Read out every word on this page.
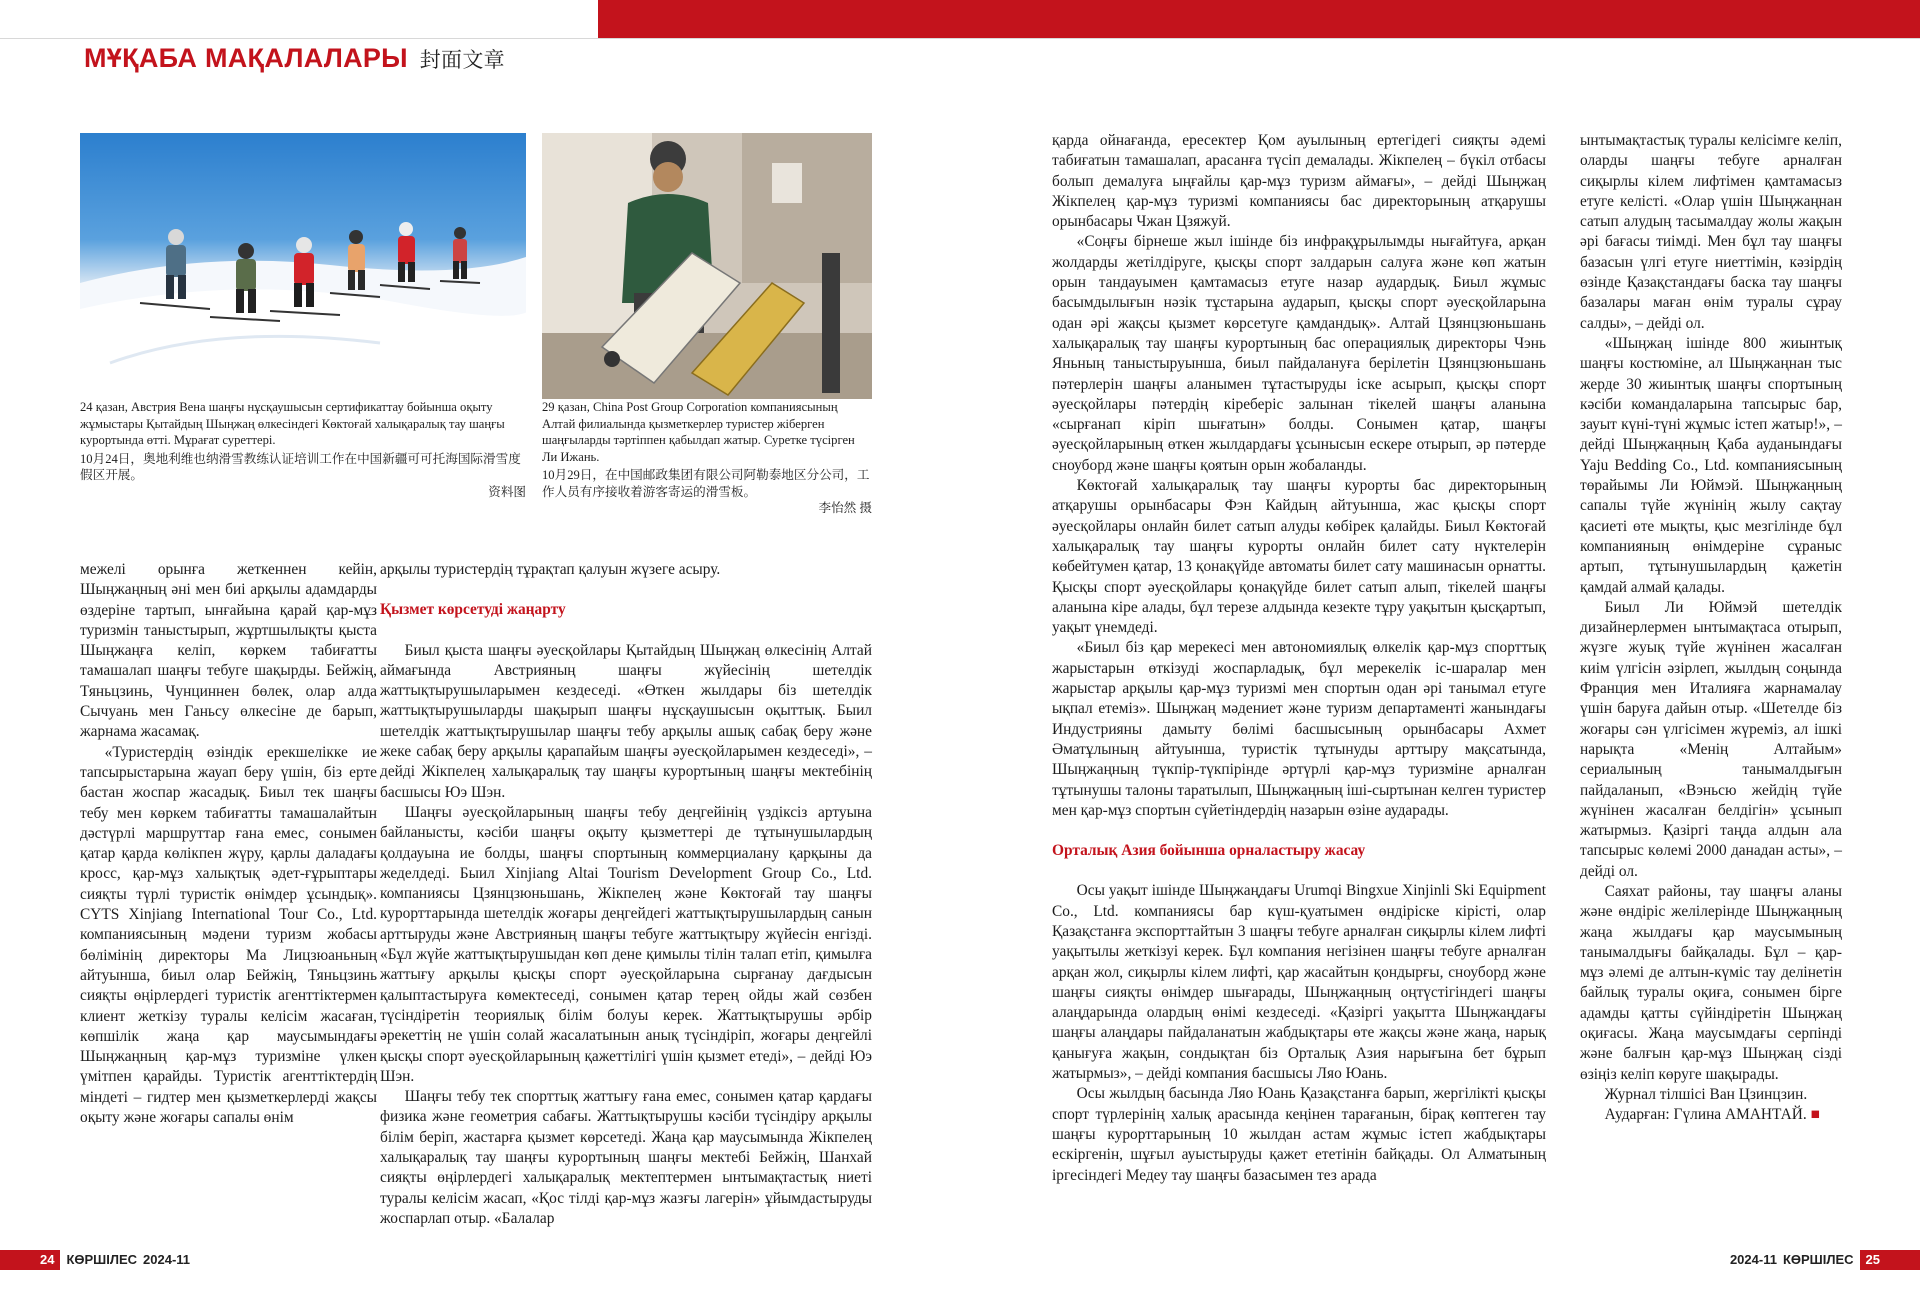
МҰҚАБА МАҚАЛАЛАРЫ 封面文章

24 қазан, Австрия Вена шаңғы нұсқаушысын сертификаттау бойынша оқыту жұмыстары Қытайдың Шыңжаң өлкесіндегі Көктоғай халықаралық тау шаңғы курортында өтті. Мұрағат суреттері.

10月24日，奥地利维也纳滑雪教练认证培训工作在中国新疆可可托海国际滑雪度假区开展。

资料图

29 қазан, China Post Group Corporation компаниясының Алтай филиалында қызметкерлер туристер жіберген шаңғыларды тәртіппен қабылдап жатыр. Суретке түсірген Ли Ижань.

10月29日，在中国邮政集团有限公司阿勒泰地区分公司，工作人员有序接收着游客寄运的滑雪板。

李怡然 摄

межелі орынға жеткеннен кейін, Шыңжаңның әні мен биі арқылы адамдарды өздеріне тартып, ынғайына қарай қар-мұз туризмін таныстырып, жұртшылықты қыста Шыңжаңға келіп, көркем табиғатты тамашалап шаңғы тебуге шақырды. Бейжің, Тяньцзинь, Чунциннен бөлек, олар алда Сычуань мен Ганьсу өлкесіне де барып, жарнама жасамақ.

«Туристердің өзіндік ерекшелікке ие тапсырыстарына жауап беру үшін, біз ерте бастан жоспар жасадық. Биыл тек шаңғы тебу мен көркем табиғатты тамашалайтын дәстүрлі маршруттар ғана емес, сонымен қатар қарда көлікпен жүру, қарлы даладағы кросс, қар-мұз халықтық әдет-ғұрыптары сияқты түрлі туристік өнімдер ұсындық». CYTS Xinjiang International Tour Co., Ltd. компаниясының мәдени туризм жобасы бөлімінің директоры Ма Лицзюаньның айтуынша, биыл олар Бейжің, Тяньцзинь сияқты өңірлердегі туристік агенттіктермен клиент жеткізу туралы келісім жасаған, көпшілік жаңа қар маусымындағы Шыңжаңның қар-мұз туризміне үлкен үмітпен қарайды. Туристік агенттіктердің міндеті – гидтер мен қызметкерлерді жақсы оқыту және жоғары сапалы өнім

арқылы туристердің тұрақтап қалуын жүзеге асыру.

Қызмет көрсетуді жаңарту

Биыл қыста шаңғы әуесқойлары Қытайдың Шыңжаң өлкесінің Алтай аймағында Австрияның шаңғы жүйесінің шетелдік жаттықтырушыларымен кездеседі. «Өткен жылдары біз шетелдік жаттықтырушыларды шақырып шаңғы нұсқаушысын оқыттық. Быил шетелдік жаттықтырушылар шаңғы тебу арқылы ашық сабақ беру және жеке сабақ беру арқылы қарапайым шаңғы әуесқойларымен кездеседі», – дейді Жікпелең халықаралық тау шаңғы курортының шаңғы мектебінің басшысы Юэ Шэн.

Шаңғы әуесқойларының шаңғы тебу деңгейінің үздіксіз артуына байланысты, кәсіби шаңғы оқыту қызметтері де тұтынушылардың қолдауына ие болды, шаңғы спортының коммерциалану қарқыны да жеделдеді. Быил Xinjiang Altai Tourism Development Group Co., Ltd. компаниясы Цзянцзюньшань, Жікпелең және Көктоғай тау шаңғы курорттарында шетелдік жоғары деңгейдегі жаттықтырушылардың санын арттыруды және Австрияның шаңғы тебуге жаттықтыру жүйесін енгізді. «Бұл жүйе жаттықтырушыдан көп дене қимылы тілін талап етіп, қимылға жаттығу арқылы қысқы спорт әуесқойларына сырғанау дағдысын қалыптастыруға көмектеседі, сонымен қатар терең ойды жай сөзбен түсіндіретін теориялық білім болуы керек. Жаттықтырушы әрбір әрекеттің не үшін солай жасалатынын анық түсіндіріп, жоғары деңгейлі қысқы спорт әуесқойларының қажеттілігі үшін қызмет етеді», – дейді Юэ Шэн.

Шаңғы тебу тек спорттық жаттығу ғана емес, сонымен қатар қардағы физика және геометрия сабағы. Жаттықтырушы кәсіби түсіндіру арқылы білім беріп, жастарға қызмет көрсетеді. Жаңа қар маусымында Жікпелең халықаралық тау шаңғы курортының шаңғы мектебі Бейжің, Шанхай сияқты өңірлердегі халықаралық мектептермен ынтымақтастық ниеті туралы келісім жасап, «Қос тілді қар-мұз жазғы лагерін» ұйымдастыруды жоспарлап отыр. «Балалар

қарда ойнағанда, ересектер Қом ауылының ертегідегі сияқты әдемі табиғатын тамашалап, арасанға түсіп демалады. Жікпелең – бүкіл отбасы болып демалуға ыңғайлы қар-мұз туризм аймағы», – дейді Шыңжаң Жікпелең қар-мұз туризмі компаниясы бас директорының атқарушы орынбасары Чжан Цзяжуй.

«Соңғы бірнеше жыл ішінде біз инфрақұрылымды нығайтуға, арқан жолдарды жетілдіруге, қысқы спорт залдарын салуға және көп жатын орын тандауымен қамтамасыз етуге назар аудардық. Биыл жұмыс басымдылығын нәзік тұстарына аударып, қысқы спорт әуесқойларына одан әрі жақсы қызмет көрсетуге қамдандық». Алтай Цзянцзюньшань халықаралық тау шаңғы курортының бас операциялық директоры Чэнь Яньның таныстыруынша, биыл пайдалануға берілетін Цзянцзюньшань пәтерлерін шаңғы аланымен тұтастыруды іске асырып, қысқы спорт әуесқойлары пәтердің кіреберіс залынан тікелей шаңғы аланына «сырғанап кіріп шығатын» болды. Сонымен қатар, шаңғы әуесқойларының өткен жылдардағы ұсынысын ескере отырып, әр пәтерде сноуборд және шаңғы қоятын орын жобаланды.

Көктоғай халықаралық тау шаңғы курорты бас директорының атқарушы орынбасары Фэн Кайдың айтуынша, жас қысқы спорт әуесқойлары онлайн билет сатып алуды көбірек қалайды. Биыл Көктоғай халықаралық тау шаңғы курорты онлайн билет сату нүктелерін көбейтумен қатар, 13 қонақүйде автоматы билет сату машинасын орнатты. Қысқы спорт әуесқойлары қонақүйде билет сатып алып, тікелей шаңғы аланына кіре алады, бұл терезе алдында кезекте тұру уақытын қысқартып, уақыт үнемдеді.

«Биыл біз қар мерекесі мен автономиялық өлкелік қар-мұз спорттық жарыстарын өткізуді жоспарладық, бұл мерекелік іс-шаралар мен жарыстар арқылы қар-мұз туризмі мен спортын одан әрі танымал етуге ықпал етеміз». Шыңжаң мәдениет және туризм департаменті жанындағы Индустрияны дамыту бөлімі басшысының орынбасары Ахмет Әматұлының айтуынша, туристік тұтынуды арттыру мақсатында, Шыңжаңның түкпір-түкпірінде әртүрлі қар-мұз туризміне арналған тұтынушы талоны таратылып, Шыңжаңның іші-сыртынан келген туристер мен қар-мұз спортын сүйетіндердің назарын өзіне аударады.

Орталық Азия бойынша орналастыру жасау

Осы уақыт ішінде Шыңжаңдағы Urumqi Bingxue Xinjinli Ski Equipment Co., Ltd. компаниясы бар күш-қуатымен өндіріске кірісті, олар Қазақстанға экспорттайтын 3 шаңғы тебуге арналған сиқырлы кілем лифті уақытылы жеткізуі керек. Бұл компания негізінен шаңғы тебуге арналған арқан жол, сиқырлы кілем лифті, қар жасайтын қондырғы, сноуборд және шаңғы сияқты өнімдер шығарады, Шыңжаңның оңтүстігіндегі шаңғы алаңдарында олардың өнімі кездеседі. «Қазіргі уақытта Шыңжаңдағы шаңғы алаңдары пайдаланатын жабдықтары өте жақсы және жаңа, нарық қанығуға жақын, сондықтан біз Орталық Азия нарығына бет бұрып жатырмыз», – дейді компания басшысы Ляо Юань.

Осы жылдың басында Ляо Юань Қазақстанға барып, жергілікті қысқы спорт түрлерінің халық арасында кеңінен тарағанын, бірақ көптеген тау шаңғы курорттарының 10 жылдан астам жұмыс істеп жабдықтары ескіргенін, шұғыл ауыстыруды қажет ететінін байқады. Ол Алматының іргесіндегі Медеу тау шаңғы базасымен тез арада

ынтымақтастық туралы келісімге келіп, оларды шаңғы тебуге арналған сиқырлы кілем лифтімен қамтамасыз етуге келісті. «Олар үшін Шыңжаңнан сатып алудың тасымалдау жолы жақын әрі бағасы тиімді. Мен бұл тау шаңғы базасын үлгі етуге ниеттімін, кәзірдің өзінде Қазақстандағы баска тау шаңғы базалары маған өнім туралы сұрау салды», – дейді ол.

«Шыңжаң ішінде 800 жиынтық шаңғы костюміне, ал Шыңжаңнан тыс жерде 30 жиынтық шаңғы спортының кәсіби командаларына тапсырыс бар, зауыт күні-түні жұмыс істеп жатыр!», – дейді Шыңжаңның Қаба ауданындағы Yaju Bedding Co., Ltd. компаниясының төрайымы Ли Юймэй. Шыңжаңның сапалы түйе жүнінің жылу сақтау қасиеті өте мықты, қыс мезгілінде бұл компанияның өнімдеріне сұраныс артып, тұтынушылардың қажетін қамдай алмай қалады.

Биыл Ли Юймэй шетелдік дизайнерлермен ынтымақтаса отырып, жүзге жуық түйе жүнінен жасалған киім үлгісін әзірлеп, жылдың соңында Франция мен Италияға жарнамалау үшін баруға дайын отыр. «Шетелде біз жоғары сән үлгісімен жүреміз, ал ішкі нарықта «Менің Алтайым» сериалының танымалдығын пайдаланып, «Вэньсю жейдің түйе жүнінен жасалған белдігін» ұсынып жатырмыз. Қазіргі таңда алдын ала тапсырыс көлемі 2000 данадан асты», – дейді ол.

Саяхат районы, тау шаңғы аланы және өндіріс желілерінде Шыңжаңның жаңа жылдағы қар маусымының танымалдығы байқалады. Бұл – қар-мұз әлемі де алтын-күміс тау делінетін байлық туралы оқиға, сонымен бірге адамды қатты сүйіндіретін Шыңжаң оқиғасы. Жаңа маусымдағы серпінді және балғын қар-мұз Шыңжаң сізді өзіңіз келіп көруге шақырады.

Журнал тілшісі Ван Цзинцзин.

Аударған: Гүлина АМАНТАЙ. ■

24 КӨРШІЛЕС 2024-11	2024-11 КӨРШІЛЕС 25
